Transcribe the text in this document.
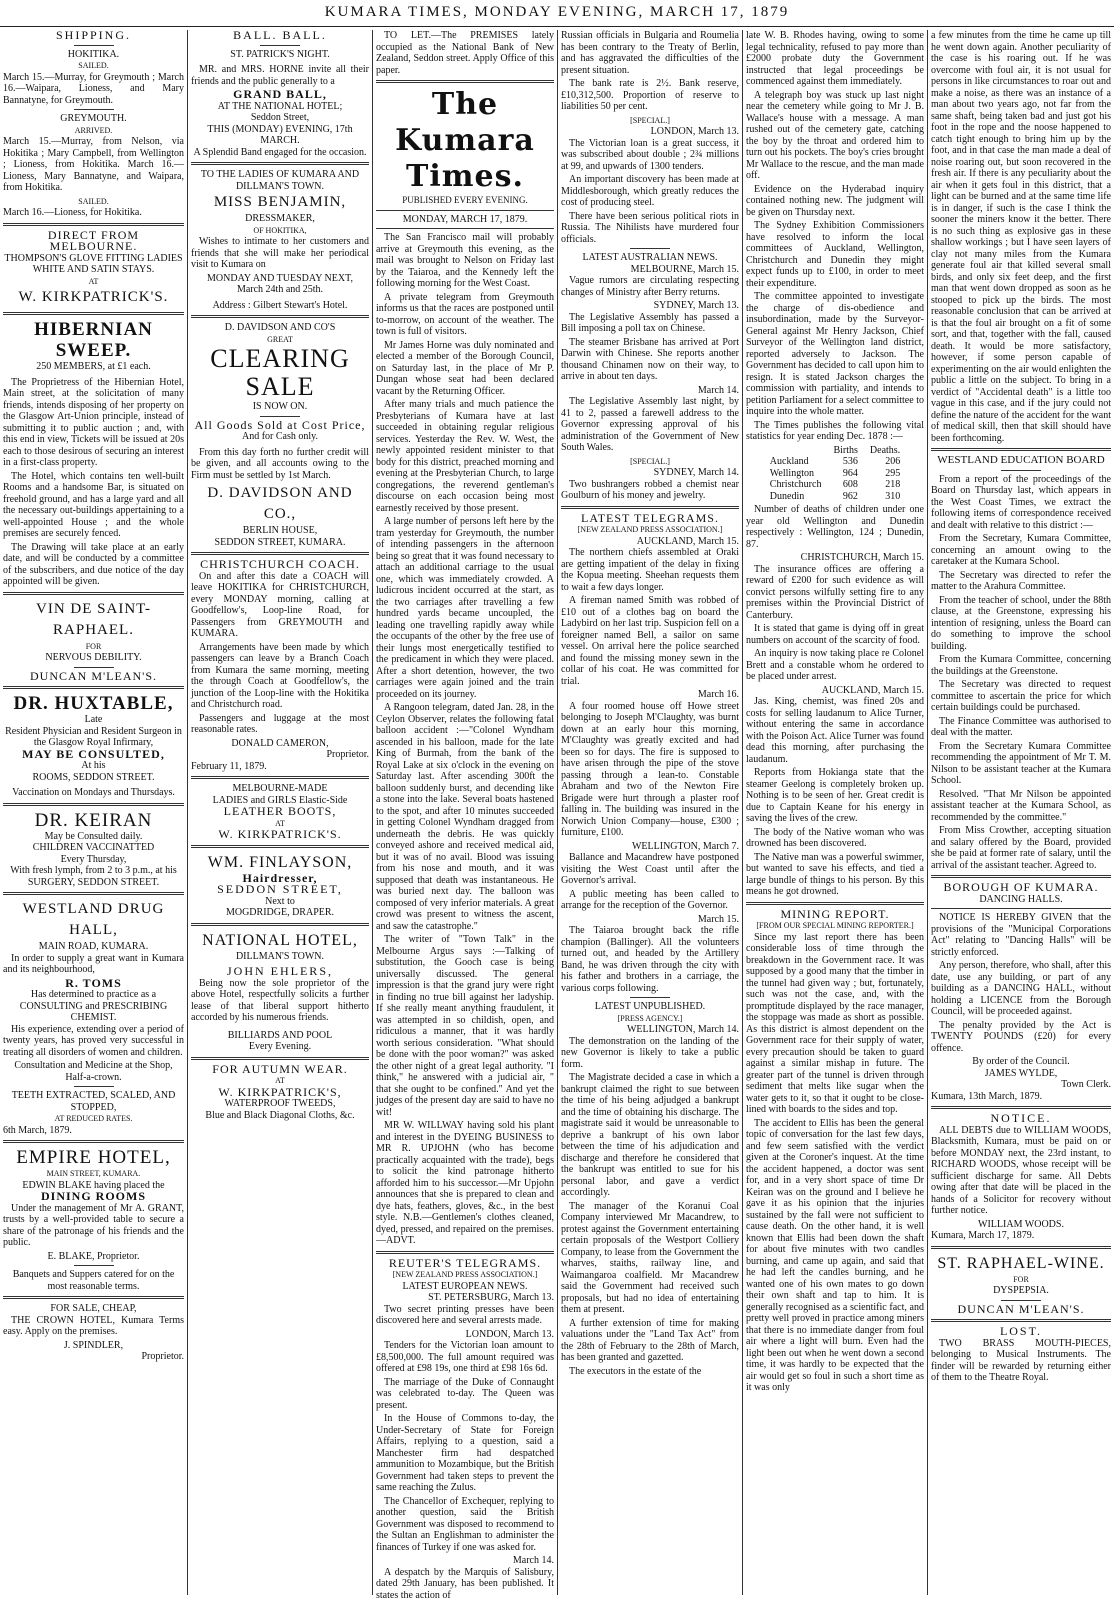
KUMARA TIMES, MONDAY EVENING, MARCH 17, 1879
SHIPPING.
HOKITIKA.
SAILED.

March 15.—Murray, for Greymouth ; March 16.—Waipara, Lioness, and Mary Bannatyne, for Greymouth.

GREYMOUTH.
ARRIVED.

March 15.—Murray, from Nelson, via Hokitika ; Mary Campbell, from Wellington ; Lioness, from Hokitika. March 16.—Lioness, Mary Bannatyne, and Waipara, from Hokitika.

SAILED.

March 16.—Lioness, for Hokitika.

DIRECT FROM MELBOURNE.
THOMPSON'S GLOVE FITTING LADIES WHITE AND SATIN STAYS.
AT
W. KIRKPATRICK'S.
HIBERNIAN SWEEP.
250 MEMBERS, at £1 each.

The Proprietress of the Hibernian Hotel, Main street, at the solicitation of many friends, intends disposing of her property on the Glasgow Art-Union principle, instead of submitting it to public auction ; and, with this end in view, Tickets will be issued at 20s each to those desirous of securing an interest in a first-class property.

The Hotel, which contains ten well-built Rooms and a handsome Bar, is situated on freehold ground, and has a large yard and all the necessary out-buildings appertaining to a well-appointed House ; and the whole premises are securely fenced.

The Drawing will take place at an early date, and will be conducted by a committee of the subscribers, and due notice of the day appointed will be given.

VIN DE SAINT-RAPHAEL.
FOR
NERVOUS DEBILITY.
DUNCAN M'LEAN'S.
DR. HUXTABLE,
Late
Resident Physician and Resident Surgeon in the Glasgow Royal Infirmary,
MAY BE CONSULTED,
At his
ROOMS, SEDDON STREET.
Vaccination on Mondays and Thursdays.
DR. KEIRAN
May be Consulted daily.
CHILDREN VACCINATTED
Every Thursday,
With fresh lymph, from 2 to 3 p.m., at his
SURGERY, SEDDON STREET.
WESTLAND DRUG HALL,
MAIN ROAD, KUMARA.

In order to supply a great want in Kumara and its neighbourhood,

R. TOMS
Has determined to practice as a CONSULTING and PRESCRIBING CHEMIST.

His experience, extending over a period of twenty years, has proved very successful in treating all disorders of women and children.

Consultation and Medicine at the Shop, Half-a-crown.
TEETH EXTRACTED, SCALED, AND STOPPED,
AT REDUCED RATES.
6th March, 1879.
EMPIRE HOTEL,
MAIN STREET, KUMARA.
EDWIN BLAKE having placed the
DINING ROOMS

Under the management of Mr A. GRANT, trusts by a well-provided table to secure a share of the patronage of his friends and the public.

E. BLAKE, Proprietor.
Banquets and Suppers catered for on the most reasonable terms.
FOR SALE, CHEAP,

THE CROWN HOTEL, Kumara Terms easy. Apply on the premises.

J. SPINDLER,
Proprietor.
BALL. BALL.
ST. PATRICK'S NIGHT.

MR. and MRS. HORNE invite all their friends and the public generally to a

GRAND BALL,
AT THE NATIONAL HOTEL;
Seddon Street,
THIS (MONDAY) EVENING, 17th MARCH.
A Splendid Band engaged for the occasion.
TO THE LADIES OF KUMARA AND DILLMAN'S TOWN.
MISS BENJAMIN,
DRESSMAKER,
OF HOKITIKA,

Wishes to intimate to her customers and friends that she will make her periodical visit to Kumara on

MONDAY AND TUESDAY NEXT,
March 24th and 25th.
Address : Gilbert Stewart's Hotel.
D. DAVIDSON AND CO'S
GREAT
CLEARING SALE
IS NOW ON.
All Goods Sold at Cost Price,
And for Cash only.

From this day forth no further credit will be given, and all accounts owing to the Firm must be settled by 1st March.

D. DAVIDSON AND CO.,
BERLIN HOUSE,
SEDDON STREET, KUMARA.
CHRISTCHURCH COACH.

On and after this date a COACH will leave HOKITIKA for CHRISTCHURCH, every MONDAY morning, calling at Goodfellow's, Loop-line Road, for Passengers from GREYMOUTH and KUMARA.

Arrangements have been made by which passengers can leave by a Branch Coach from Kumara the same morning, meeting the through Coach at Goodfellow's, the junction of the Loop-line with the Hokitika and Christchurch road.

Passengers and luggage at the most reasonable rates.

DONALD CAMERON,
Proprietor.
February 11, 1879.
MELBOURNE-MADE
LADIES and GIRLS Elastic-Side
LEATHER BOOTS,
AT
W. KIRKPATRICK'S.
WM. FINLAYSON,
Hairdresser,
SEDDON STREET,
Next to
MOGDRIDGE, DRAPER.
NATIONAL HOTEL,
DILLMAN'S TOWN.
JOHN EHLERS,

Being now the sole proprietor of the above Hotel, respectfully solicits a further lease of that liberal support hitherto accorded by his numerous friends.

BILLIARDS AND POOL
Every Evening.
FOR AUTUMN WEAR.
AT
W. KIRKPATRICK'S,
WATERPROOF TWEEDS,
Blue and Black Diagonal Cloths, &c.

TO LET.—The PREMISES lately occupied as the National Bank of New Zealand, Seddon street. Apply Office of this paper.

The Kumara Times.
PUBLISHED EVERY EVENING.
MONDAY, MARCH 17, 1879.

The San Francisco mail will probably arrive at Greymouth this evening, as the mail was brought to Nelson on Friday last by the Taiaroa, and the Kennedy left the following morning for the West Coast.

A private telegram from Greymouth informs us that the races are postponed until to-morrow, on account of the weather. The town is full of visitors.

Mr James Horne was duly nominated and elected a member of the Borough Council, on Saturday last, in the place of Mr P. Dungan whose seat had been declared vacant by the Returning Officer.

After many trials and much patience the Presbyterians of Kumara have at last succeeded in obtaining regular religious services. Yesterday the Rev. W. West, the newly appointed resident minister to that body for this district, preached morning and evening at the Presbyterian Church, to large congregations, the reverend gentleman's discourse on each occasion being most earnestly received by those present.

A large number of persons left here by the tram yesterday for Greymouth, the number of intending passengers in the afternoon being so great that it was found necessary to attach an additional carriage to the usual one, which was immediately crowded. A ludicrous incident occurred at the start, as the two carriages after travelling a few hundred yards became uncoupled, the leading one travelling rapidly away while the occupants of the other by the free use of their lungs most energetically testified to the predicament in which they were placed. After a short detention, however, the two carriages were again joined and the train proceeded on its journey.

A Rangoon telegram, dated Jan. 28, in the Ceylon Observer, relates the following fatal balloon accident :—"Colonel Wyndham ascended in his balloon, made for the late King of Burmah, from the bank of the Royal Lake at six o'clock in the evening on Saturday last. After ascending 300ft the balloon suddenly burst, and decending like a stone into the lake. Several boats hastened to the spot, and after 10 minutes succeeded in getting Colonel Wyndham dragged from underneath the debris. He was quickly conveyed ashore and received medical aid, but it was of no avail. Blood was issuing from his nose and mouth, and it was supposed that death was instantaneous. He was buried next day. The balloon was composed of very inferior materials. A great crowd was present to witness the ascent, and saw the catastrophe."

The writer of "Town Talk" in the Melbourne Argus says :—Talking of substitution, the Gooch case is being universally discussed. The general impression is that the grand jury were right in finding no true bill against her ladyship. If she really meant anything fraudulent, it was attempted in so childish, open, and ridiculous a manner, that it was hardly worth serious consideration. "What should be done with the poor woman?" was asked the other night of a great legal authority. "I think," he answered with a judicial air, " that she ought to be confined." And yet the judges of the present day are said to have no wit!

MR W. WILLWAY having sold his plant and interest in the DYEING BUSINESS to MR R. UPJOHN (who has become practically acquainted with the trade), begs to solicit the kind patronage hitherto afforded him to his successor.—Mr Upjohn announces that she is prepared to clean and dye hats, feathers, gloves, &c., in the best style. N.B.—Gentlemen's clothes cleaned, dyed, pressed, and repaired on the premises.—ADVT.

REUTER'S TELEGRAMS.
[NEW ZEALAND PRESS ASSOCIATION.]
LATEST EUROPEAN NEWS.
ST. PETERSBURG, March 13.

Two secret printing presses have been discovered here and several arrests made.

LONDON, March 13.

Tenders for the Victorian loan amount to £8,500,000. The full amount required was offered at £98 19s, one third at £98 16s 6d.

The marriage of the Duke of Connaught was celebrated to-day. The Queen was present.

In the House of Commons to-day, the Under-Secretary of State for Foreign Affairs, replying to a question, said a Manchester firm had despatched ammunition to Mozambique, but the British Government had taken steps to prevent the same reaching the Zulus.

The Chancellor of Exchequer, replying to another question, said the British Government was disposed to recommend to the Sultan an Englishman to administer the finances of Turkey if one was asked for.

March 14.

A despatch by the Marquis of Salisbury, dated 29th January, has been published. It states the action of

Russian officials in Bulgaria and Roumelia has been contrary to the Treaty of Berlin, and has aggravated the difficulties of the present situation.

The bank rate is 2½. Bank reserve, £10,312,500. Proportion of reserve to liabilities 50 per cent.

[SPECIAL.]
LONDON, March 13.

The Victorian loan is a great success, it was subscribed about double ; 2¾ millions at 99, and upwards of 1300 tenders.

An important discovery has been made at Middlesborough, which greatly reduces the cost of producing steel.

There have been serious political riots in Russia. The Nihilists have murdered four officials.

LATEST AUSTRALIAN NEWS.
MELBOURNE, March 15.

Vague rumors are circulating respecting changes of Ministry after Berry returns.

SYDNEY, March 13.

The Legislative Assembly has passed a Bill imposing a poll tax on Chinese.

The steamer Brisbane has arrived at Port Darwin with Chinese. She reports another thousand Chinamen now on their way, to arrive in about ten days.

March 14.

The Legislative Assembly last night, by 41 to 2, passed a farewell address to the Governor expressing approval of his administration of the Government of New South Wales.

[SPECIAL.]
SYDNEY, March 14.

Two bushrangers robbed a chemist near Goulburn of his money and jewelry.

LATEST TELEGRAMS.
[NEW ZEALAND PRESS ASSOCIATION.]
AUCKLAND, March 15.

The northern chiefs assembled at Oraki are getting impatient of the delay in fixing the Kopua meeting. Sheehan requests them to wait a few days longer.

A fireman named Smith was robbed of £10 out of a clothes bag on board the Ladybird on her last trip. Suspicion fell on a foreigner named Bell, a sailor on same vessel. On arrival here the police searched and found the missing money sewn in the collar of his coat. He was committed for trial.

March 16.

A four roomed house off Howe street belonging to Joseph M'Claughty, was burnt down at an early hour this morning, M'Claughty was greatly excited and had been so for days. The fire is supposed to have arisen through the pipe of the stove passing through a lean-to. Constable Abraham and two of the Newton Fire Brigade were hurt through a plaster roof falling in. The building was insured in the Norwich Union Company—house, £300 ; furniture, £100.

WELLINGTON, March 7.

Ballance and Macandrew have postponed visiting the West Coast until after the Governor's arrival.

A public meeting has been called to arrange for the reception of the Governor.

March 15.

The Taiaroa brought back the rifle champion (Ballinger). All the volunteers turned out, and headed by the Artillery Band, he was driven through the city with his father and brothers in a carriage, the various corps following.

LATEST UNPUBLISHED.
[PRESS AGENCY.]
WELLINGTON, March 14.

The demonstration on the landing of the new Governor is likely to take a public form.

The Magistrate decided a case in which a bankrupt claimed the right to sue between the time of his being adjudged a bankrupt and the time of obtaining his discharge. The magistrate said it would be unreasonable to deprive a bankrupt of his own labor between the time of his adjudication and discharge and therefore he considered that the bankrupt was entitled to sue for his personal labor, and gave a verdict accordingly.

The manager of the Koranui Coal Company interviewed Mr Macandrew, to protest against the Government entertaining certain proposals of the Westport Colliery Company, to lease from the Government the wharves, staiths, railway line, and Waimangaroa coalfield. Mr Macandrew said the Government had received such proposals, but had no idea of entertaining them at present.

A further extension of time for making valuations under the "Land Tax Act" from the 28th of February to the 28th of March, has been granted and gazetted.

The executors in the estate of the

late W. B. Rhodes having, owing to some legal technicality, refused to pay more than £2000 probate duty the Government instructed that legal proceedings be commenced against them immediately.

A telegraph boy was stuck up last night near the cemetery while going to Mr J. B. Wallace's house with a message. A man rushed out of the cemetery gate, catching the boy by the throat and ordered him to turn out his pockets. The boy's cries brought Mr Wallace to the rescue, and the man made off.

Evidence on the Hyderabad inquiry contained nothing new. The judgment will be given on Thursday next.

The Sydney Exhibition Commissioners have resolved to inform the local committees of Auckland, Wellington, Christchurch and Dunedin they might expect funds up to £100, in order to meet their expenditure.

The committee appointed to investigate the charge of dis-obedience and insubordination, made by the Surveyor-General against Mr Henry Jackson, Chief Surveyor of the Wellington land district, reported adversely to Jackson. The Government has decided to call upon him to resign. It is stated Jackson charges the commission with partiality, and intends to petition Parliament for a select committee to inquire into the whole matter.

The Times publishes the following vital statistics for year ending Dec. 1878 :—

	Births	Deaths.
Auckland	536	206
Wellington	964	295
Christchurch	608	218
Dunedin	962	310

Number of deaths of children under one year old Wellington and Dunedin respectively : Wellington, 124 ; Dunedin, 87.

CHRISTCHURCH, March 15.

The insurance offices are offering a reward of £200 for such evidence as will convict persons wilfully setting fire to any premises within the Provincial District of Canterbury.

It is stated that game is dying off in great numbers on account of the scarcity of food.

An inquiry is now taking place re Colonel Brett and a constable whom he ordered to be placed under arrest.

AUCKLAND, March 15.

Jas. King, chemist, was fined 20s and costs for selling laudanum to Alice Turner, without entering the same in accordance with the Poison Act. Alice Turner was found dead this morning, after purchasing the laudanum.

Reports from Hokianga state that the steamer Geelong is completely broken up. Nothing is to be seen of her. Great credit is due to Captain Keane for his energy in saving the lives of the crew.

The body of the Native woman who was drowned has been discovered.

The Native man was a powerful swimmer, but wanted to save his effects, and tied a large bundle of things to his person. By this means he got drowned.

MINING REPORT.
[FROM OUR SPECIAL MINING REPORTER.]

Since my last report there has been considerable loss of time through the breakdown in the Government race. It was supposed by a good many that the timber in the tunnel had given way ; but, fortunately, such was not the case, and, with the promptitude displayed by the race manager, the stoppage was made as short as possible. As this district is almost dependent on the Government race for their supply of water, every precaution should be taken to guard against a similar mishap in future. The greater part of the tunnel is driven through sediment that melts like sugar when the water gets to it, so that it ought to be close-lined with boards to the sides and top.

The accident to Ellis has been the general topic of conversation for the last few days, and few seem satisfied with the verdict given at the Coroner's inquest. At the time the accident happened, a doctor was sent for, and in a very short space of time Dr Keiran was on the ground and I believe he gave it as his opinion that the injuries sustained by the fall were not sufficient to cause death. On the other hand, it is well known that Ellis had been down the shaft for about five minutes with two candles burning, and came up again, and said that he had left the candles burning, and he wanted one of his own mates to go down their own shaft and tap to him. It is generally recognised as a scientific fact, and pretty well proved in practice among miners that there is no immediate danger from foul air where a light will burn. Even had the light been out when he went down a second time, it was hardly to be expected that the air would get so foul in such a short time as it was only

a few minutes from the time he came up till he went down again. Another peculiarity of the case is his roaring out. If he was overcome with foul air, it is not usual for persons in like circumstances to roar out and make a noise, as there was an instance of a man about two years ago, not far from the same shaft, being taken bad and just got his foot in the rope and the noose happened to catch tight enough to bring him up by the foot, and in that case the man made a deal of noise roaring out, but soon recovered in the fresh air. If there is any peculiarity about the air when it gets foul in this district, that a light can be burned and at the same time life is in danger, if such is the case I think the sooner the miners know it the better. There is no such thing as explosive gas in these shallow workings ; but I have seen layers of clay not many miles from the Kumara generate foul air that killed several small birds, and only six feet deep, and the first man that went down dropped as soon as he stooped to pick up the birds. The most reasonable conclusion that can be arrived at is that the foul air brought on a fit of some sort, and that, together with the fall, caused death. It would be more satisfactory, however, if some person capable of experimenting on the air would enlighten the public a little on the subject. To bring in a verdict of "Accidental death" is a little too vague in this case, and if the jury could not define the nature of the accident for the want of medical skill, then that skill should have been forthcoming.

WESTLAND EDUCATION BOARD

From a report of the proceedings of the Board on Thursday last, which appears in the West Coast Times, we extract the following items of correspondence received and dealt with relative to this district :—

From the Secretary, Kumara Committee, concerning an amount owing to the caretaker at the Kumara School.

The Secretary was directed to refer the matter to the Arahura Committee.

From the teacher of school, under the 88th clause, at the Greenstone, expressing his intention of resigning, unless the Board can do something to improve the school building.

From the Kumara Committee, concerning the buildings at the Greenstone.

The Secretary was directed to request committee to ascertain the price for which certain buildings could be purchased.

The Finance Committee was authorised to deal with the matter.

From the Secretary Kumara Committee recommending the appointment of Mr T. M. Nilson to be assistant teacher at the Kumara School.

Resolved. "That Mr Nilson be appointed assistant teacher at the Kumara School, as recommended by the committee."

From Miss Crowther, accepting situation and salary offered by the Board, provided she be paid at former rate of salary, until the arrival of the assistant teacher. Agreed to.

BOROUGH OF KUMARA.
DANCING HALLS.

NOTICE IS HEREBY GIVEN that the provisions of the "Municipal Corporations Act" relating to "Dancing Halls" will be strictly enforced.

Any person, therefore, who shall, after this date, use any building, or part of any building as a DANCING HALL, without holding a LICENCE from the Borough Council, will be proceeded against.

The penalty provided by the Act is TWENTY POUNDS (£20) for every offence.

By order of the Council.
JAMES WYLDE,
Town Clerk.
Kumara, 13th March, 1879.
NOTICE.

ALL DEBTS due to WILLIAM WOODS, Blacksmith, Kumara, must be paid on or before MONDAY next, the 23rd instant, to RICHARD WOODS, whose receipt will be sufficient discharge for same. All Debts owing after that date will be placed in the hands of a Solicitor for recovery without further notice.

WILLIAM WOODS.
Kumara, March 17, 1879.
ST. RAPHAEL-WINE.
FOR
DYSPEPSIA.
DUNCAN M'LEAN'S.
LOST.

TWO BRASS MOUTH-PIECES, belonging to Musical Instruments. The finder will be rewarded by returning either of them to the Theatre Royal.
